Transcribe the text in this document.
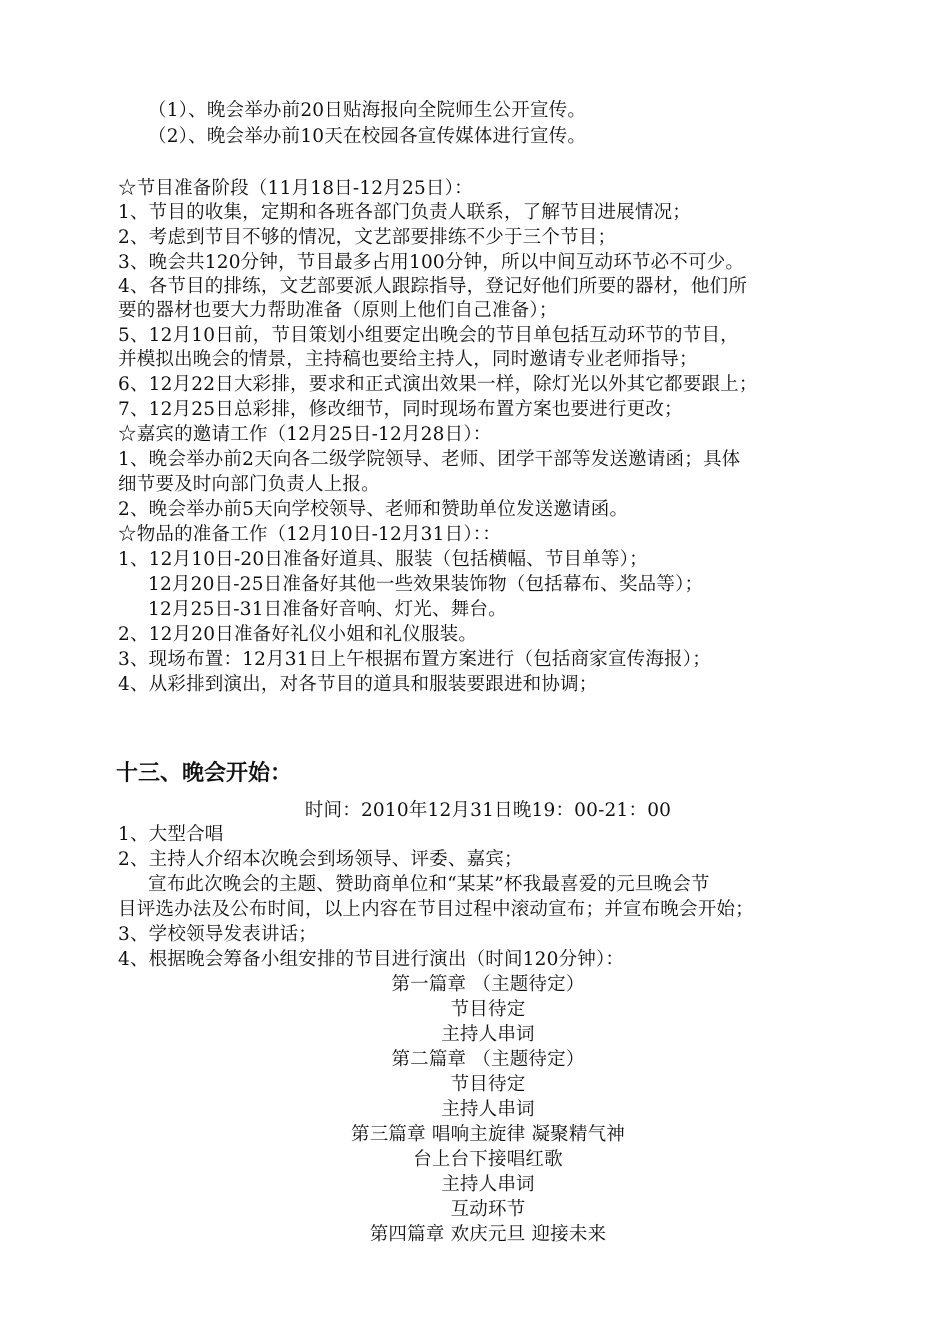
（1）、晚会举办前20日贴海报向全院师生公开宣传。
（2）、晚会举办前10天在校园各宣传媒体进行宣传。
☆节目准备阶段（11月18日-12月25日）：
1、节目的收集，定期和各班各部门负责人联系，了解节目进展情况；
2、考虑到节目不够的情况，文艺部要排练不少于三个节目；
3、晚会共120分钟，节目最多占用100分钟，所以中间互动环节必不可少。
4、各节目的排练，文艺部要派人跟踪指导，登记好他们所要的器材，他们所
要的器材也要大力帮助准备（原则上他们自己准备）；
5、12月10日前，节目策划小组要定出晚会的节目单包括互动环节的节目，
并模拟出晚会的情景，主持稿也要给主持人，同时邀请专业老师指导；
6、12月22日大彩排，要求和正式演出效果一样，除灯光以外其它都要跟上；
7、12月25日总彩排，修改细节，同时现场布置方案也要进行更改；
☆嘉宾的邀请工作（12月25日-12月28日）：
1、晚会举办前2天向各二级学院领导、老师、团学干部等发送邀请函；具体
细节要及时向部门负责人上报。
2、晚会举办前5天向学校领导、老师和赞助单位发送邀请函。
☆物品的准备工作（12月10日-12月31日）：：
1、12月10日-20日准备好道具、服装（包括横幅、节目单等）；
12月20日-25日准备好其他一些效果装饰物（包括幕布、奖品等）；
12月25日-31日准备好音响、灯光、舞台。
2、12月20日准备好礼仪小姐和礼仪服装。
3、现场布置：12月31日上午根据布置方案进行（包括商家宣传海报）；
4、从彩排到演出，对各节目的道具和服装要跟进和协调；
十三、晚会开始：
时间：2010年12月31日晚19：00-21：00
1、大型合唱
2、主持人介绍本次晚会到场领导、评委、嘉宾；
宣布此次晚会的主题、赞助商单位和“某某”杯我最喜爱的元旦晚会节
目评选办法及公布时间，以上内容在节目过程中滚动宣布；并宣布晚会开始；
3、学校领导发表讲话；
4、根据晚会筹备小组安排的节目进行演出（时间120分钟）：
第一篇章 （主题待定）
节目待定
主持人串词
第二篇章 （主题待定）
节目待定
主持人串词
第三篇章 唱响主旋律 凝聚精气神
台上台下接唱红歌
主持人串词
互动环节
第四篇章 欢庆元旦 迎接未来
